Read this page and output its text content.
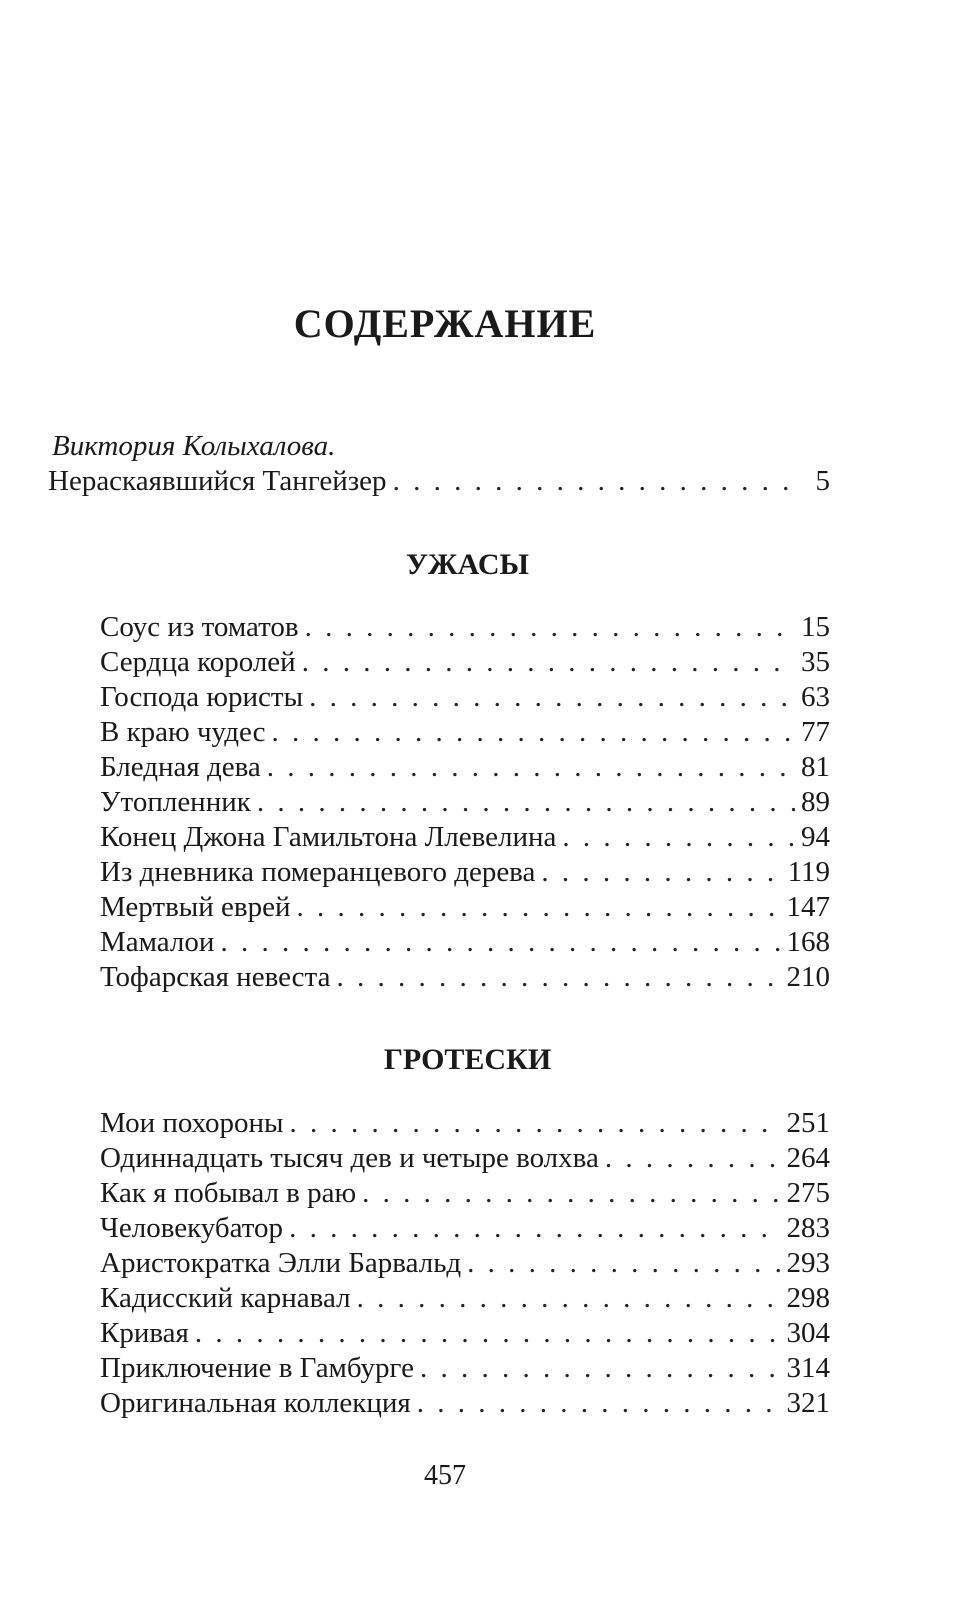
СОДЕРЖАНИЕ
Виктория Колыхалова.
Нераскаявшийся Тангейзер . . .	5
УЖАСЫ
Соус из томатов . . .	15
Сердца королей . . .	35
Господа юристы . . .	63
В краю чудес . . .	77
Бледная дева . . .	81
Утопленник . . .	89
Конец Джона Гамильтона Ллевелина . . .	94
Из дневника померанцевого дерева . . .	119
Мертвый еврей . . .	147
Мамалои . . .	168
Тофарская невеста . . .	210
ГРОТЕСКИ
Мои похороны . . .	251
Одиннадцать тысяч дев и четыре волхва . . .	264
Как я побывал в раю . . .	275
Человекубатор . . .	283
Аристократка Элли Барвальд . . .	293
Кадисский карнавал . . .	298
Кривая . . .	304
Приключение в Гамбурге . . .	314
Оригинальная коллекция . . .	321
457
